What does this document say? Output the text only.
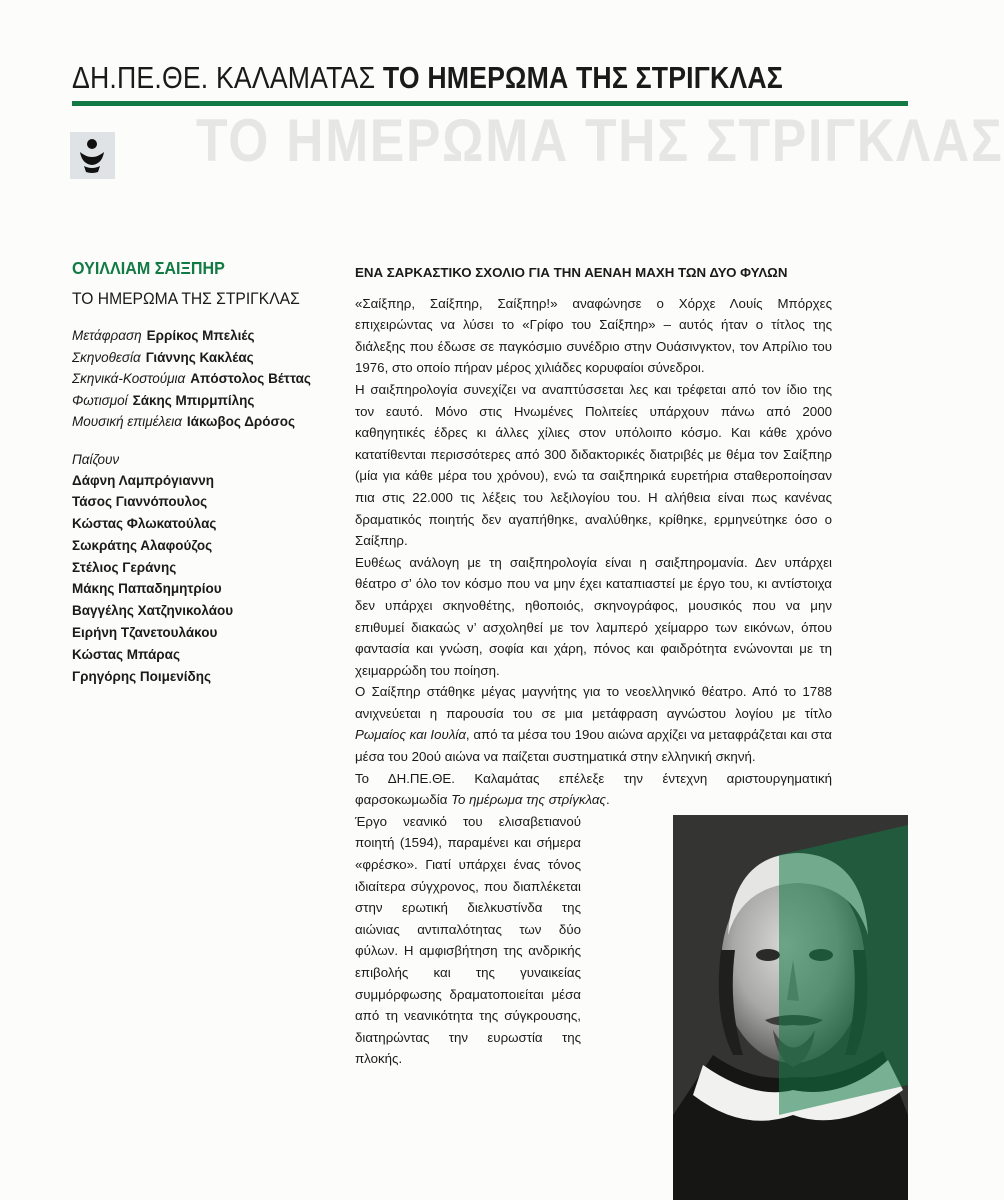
ΔΗ.ΠΕ.ΘΕ. ΚΑΛΑΜΑΤΑΣ ΤΟ ΗΜΕΡΩΜΑ ΤΗΣ ΣΤΡΙΓΚΛΑΣ
ΤΟ ΗΜΕΡΩΜΑ ΤΗΣ ΣΤΡΙΓΚΛΑΣ
ΟΥΙΛΛΙΑΜ ΣΑΙΞΠΗΡ
ΤΟ ΗΜΕΡΩΜΑ ΤΗΣ ΣΤΡΙΓΚΛΑΣ
Μετάφραση Ερρίκος Μπελιές
Σκηνοθεσία Γιάννης Κακλέας
Σκηνικά-Κοστούμια Απόστολος Βέττας
Φωτισμοί Σάκης Μπιρμπίλης
Μουσική επιμέλεια Ιάκωβος Δρόσος
Παίζουν
Δάφνη Λαμπρόγιαννη
Τάσος Γιαννόπουλος
Κώστας Φλωκατούλας
Σωκράτης Αλαφούζος
Στέλιος Γεράνης
Μάκης Παπαδημητρίου
Βαγγέλης Χατζηνικολάου
Ειρήνη Τζανετουλάκου
Κώστας Μπάρας
Γρηγόρης Ποιμενίδης
ΕΝΑ ΣΑΡΚΑΣΤΙΚΟ ΣΧΟΛΙΟ ΓΙΑ ΤΗΝ ΑΕΝΑΗ ΜΑΧΗ ΤΩΝ ΔΥΟ ΦΥΛΩΝ

«Σαίξπηρ, Σαίξπηρ, Σαίξπηρ!» αναφώνησε ο Χόρχε Λουίς Μπόρχες επιχειρώντας να λύσει το «Γρίφο του Σαίξπηρ» – αυτός ήταν ο τίτλος της διάλεξης που έδωσε σε παγκόσμιο συνέδριο στην Ουάσινγκτον, τον Απρίλιο του 1976, στο οποίο πήραν μέρος χιλιάδες κορυφαίοι σύνεδροι.

Η σαιξπηρολογία συνεχίζει να αναπτύσσεται λες και τρέφεται από τον ίδιο της τον εαυτό. Μόνο στις Ηνωμένες Πολιτείες υπάρχουν πάνω από 2000 καθηγητικές έδρες κι άλλες χίλιες στον υπόλοιπο κόσμο. Και κάθε χρόνο κατατίθενται περισσότερες από 300 διδακτορικές διατριβές με θέμα τον Σαίξπηρ (μία για κάθε μέρα του χρόνου), ενώ τα σαιξπηρικά ευρετήρια σταθεροποίησαν πια στις 22.000 τις λέξεις του λεξιλογίου του. Η αλήθεια είναι πως κανένας δραματικός ποιητής δεν αγαπήθηκε, αναλύθηκε, κρίθηκε, ερμηνεύτηκε όσο ο Σαίξπηρ.

Ευθέως ανάλογη με τη σαιξπηρολογία είναι η σαιξπηρομανία. Δεν υπάρχει θέατρο σ’ όλο τον κόσμο που να μην έχει καταπιαστεί με έργο του, κι αντίστοιχα δεν υπάρχει σκηνοθέτης, ηθοποιός, σκηνογράφος, μουσικός που να μην επιθυμεί διακαώς ν’ ασχοληθεί με τον λαμπερό χείμαρρο των εικόνων, όπου φαντασία και γνώση, σοφία και χάρη, πόνος και φαιδρότητα ενώνονται με τη χειμαρρώδη του ποίηση.

Ο Σαίξπηρ στάθηκε μέγας μαγνήτης για το νεοελληνικό θέατρο. Από το 1788 ανιχνεύεται η παρουσία του σε μια μετάφραση αγνώστου λογίου με τίτλο Ρωμαίος και Ιουλία, από τα μέσα του 19ου αιώνα αρχίζει να μεταφράζεται και στα μέσα του 20ού αιώνα να παίζεται συστηματικά στην ελληνική σκηνή.

Το ΔΗ.ΠΕ.ΘΕ. Καλαμάτας επέλεξε την έντεχνη αριστουργηματική φαρσοκωμωδία Το ημέρωμα της στρίγκλας.

Έργο νεανικό του ελισαβετιανού ποιητή (1594), παραμένει και σήμερα «φρέσκο». Γιατί υπάρχει ένας τόνος ιδιαίτερα σύγχρονος, που διαπλέκεται στην ερωτική διελκυστίνδα της αιώνιας αντιπαλότητας των δύο φύλων. Η αμφισβήτηση της ανδρικής επιβολής και της γυναικείας συμμόρφωσης δραματοποιείται μέσα από τη νεανικότητα της σύγκρουσης, διατηρώντας την ευρωστία της πλοκής.
